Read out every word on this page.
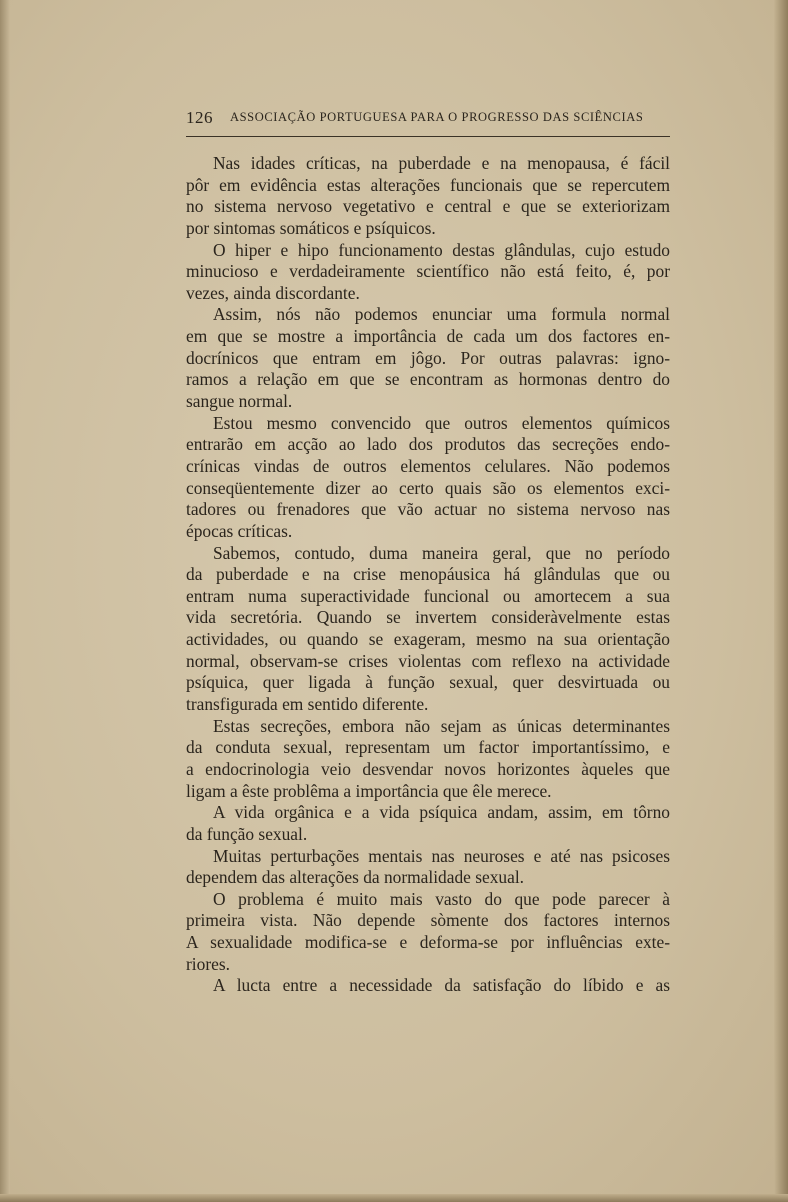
126 ASSOCIAÇÃO PORTUGUESA PARA O PROGRESSO DAS SCIÊNCIAS
Nas idades críticas, na puberdade e na menopausa, é fácil
pôr em evidência estas alterações funcionais que se repercutem
no sistema nervoso vegetativo e central e que se exteriorizam
por sintomas somáticos e psíquicos.
O hiper e hipo funcionamento destas glândulas, cujo estudo
minucioso e verdadeiramente scientífico não está feito, é, por
vezes, ainda discordante.
Assim, nós não podemos enunciar uma formula normal
em que se mostre a importância de cada um dos factores en-
docrínicos que entram em jôgo. Por outras palavras: igno-
ramos a relação em que se encontram as hormonas dentro do
sangue normal.
Estou mesmo convencido que outros elementos químicos
entrarão em acção ao lado dos produtos das secreções endo-
crínicas vindas de outros elementos celulares. Não podemos
conseqüentemente dizer ao certo quais são os elementos exci-
tadores ou frenadores que vão actuar no sistema nervoso nas
épocas críticas.
Sabemos, contudo, duma maneira geral, que no período
da puberdade e na crise menopáusica há glândulas que ou
entram numa superactividade funcional ou amortecem a sua
vida secretória. Quando se invertem consideràvelmente estas
actividades, ou quando se exageram, mesmo na sua orientação
normal, observam-se crises violentas com reflexo na actividade
psíquica, quer ligada à função sexual, quer desvirtuada ou
transfigurada em sentido diferente.
Estas secreções, embora não sejam as únicas determinantes
da conduta sexual, representam um factor importantíssimo, e
a endocrinologia veio desvendar novos horizontes àqueles que
ligam a êste problêma a importância que êle merece.
A vida orgânica e a vida psíquica andam, assim, em tôrno
da função sexual.
Muitas perturbações mentais nas neuroses e até nas psicoses
dependem das alterações da normalidade sexual.
O problema é muito mais vasto do que pode parecer à
primeira vista. Não depende sòmente dos factores internos
A sexualidade modifica-se e deforma-se por influências exte-
riores.
A lucta entre a necessidade da satisfação do líbido e as
